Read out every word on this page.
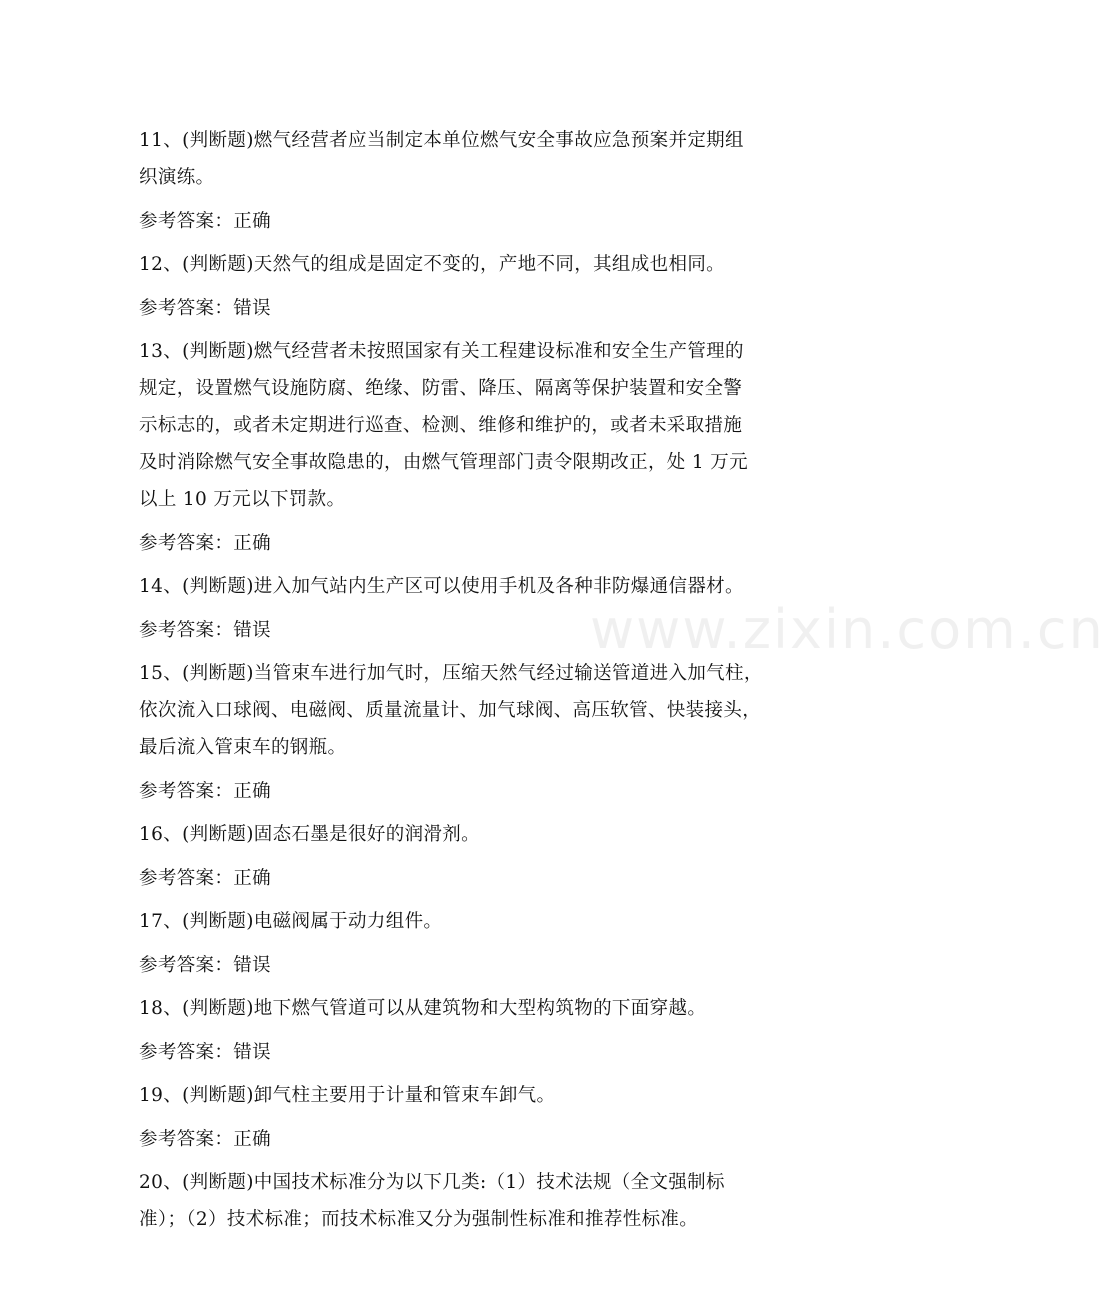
11、(判断题)燃气经营者应当制定本单位燃气安全事故应急预案并定期组

织演练。

参考答案：正确

12、(判断题)天然气的组成是固定不变的，产地不同，其组成也相同。

参考答案：错误

13、(判断题)燃气经营者未按照国家有关工程建设标准和安全生产管理的

规定，设置燃气设施防腐、绝缘、防雷、降压、隔离等保护装置和安全警

示标志的，或者未定期进行巡查、检测、维修和维护的，或者未采取措施

及时消除燃气安全事故隐患的，由燃气管理部门责令限期改正，处 1 万元

以上 10 万元以下罚款。

参考答案：正确

14、(判断题)进入加气站内生产区可以使用手机及各种非防爆通信器材。

参考答案：错误

15、(判断题)当管束车进行加气时，压缩天然气经过输送管道进入加气柱，

依次流入口球阀、电磁阀、质量流量计、加气球阀、高压软管、快装接头，

最后流入管束车的钢瓶。

参考答案：正确

16、(判断题)固态石墨是很好的润滑剂。

参考答案：正确

17、(判断题)电磁阀属于动力组件。

参考答案：错误

18、(判断题)地下燃气管道可以从建筑物和大型构筑物的下面穿越。

参考答案：错误

19、(判断题)卸气柱主要用于计量和管束车卸气。

参考答案：正确

20、(判断题)中国技术标准分为以下几类:（1）技术法规（全文强制标

准）；（2）技术标准；而技术标准又分为强制性标准和推荐性标准。

www.zixin.com.cn
